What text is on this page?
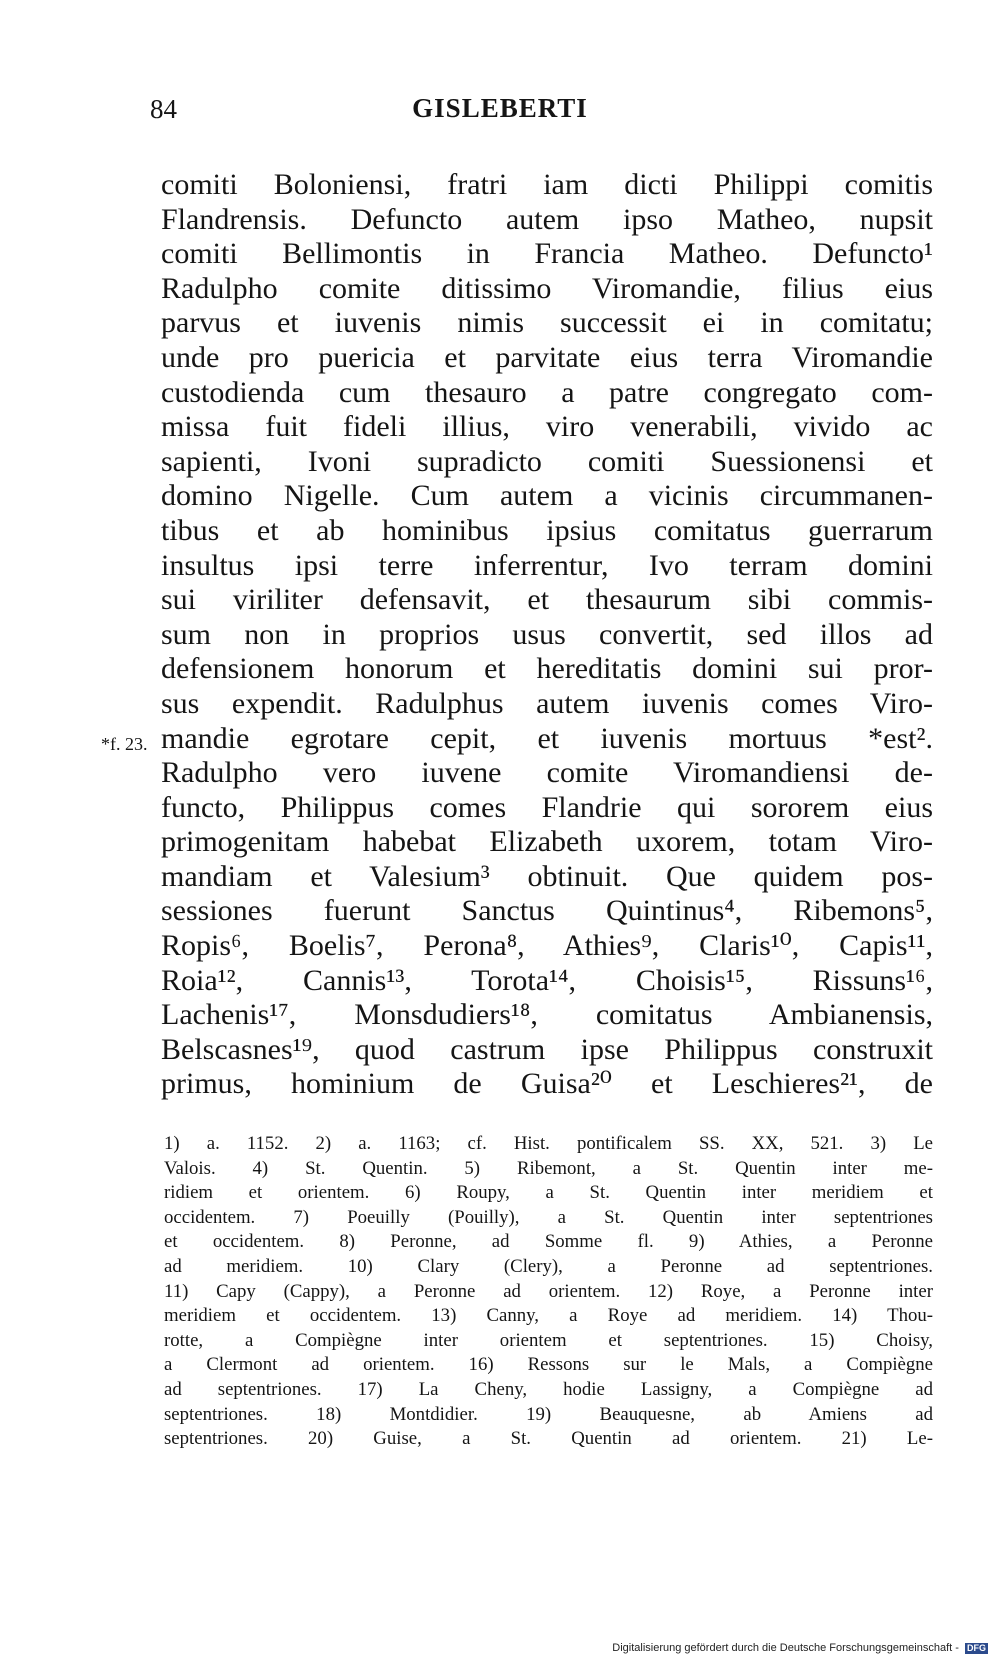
84	GISLEBERTI
*f. 23.
comiti Boloniensi, fratri iam dicti Philippi comitis
Flandrensis. Defuncto autem ipso Matheo, nupsit
comiti Bellimontis in Francia Matheo. Defuncto¹
Radulpho comite ditissimo Viromandie, filius eius
parvus et iuvenis nimis successit ei in comitatu;
unde pro puericia et parvitate eius terra Viromandie
custodienda cum thesauro a patre congregato com-
missa fuit fideli illius, viro venerabili, vivido ac
sapienti, Ivoni supradicto comiti Suessionensi et
domino Nigelle. Cum autem a vicinis circummanen-
tibus et ab hominibus ipsius comitatus guerrarum
insultus ipsi terre inferrentur, Ivo terram domini
sui viriliter defensavit, et thesaurum sibi commis-
sum non in proprios usus convertit, sed illos ad
defensionem honorum et hereditatis domini sui pror-
sus expendit. Radulphus autem iuvenis comes Viro-
mandie egrotare cepit, et iuvenis mortuus *est².
Radulpho vero iuvene comite Viromandiensi de-
functo, Philippus comes Flandrie qui sororem eius
primogenitam habebat Elizabeth uxorem, totam Viro-
mandiam et Valesium³ obtinuit. Que quidem pos-
sessiones fuerunt Sanctus Quintinus⁴, Ribemons⁵,
Ropis⁶, Boelis⁷, Perona⁸, Athies⁹, Claris¹⁰, Capis¹¹,
Roia¹², Cannis¹³, Torota¹⁴, Choisis¹⁵, Rissuns¹⁶,
Lachenis¹⁷, Monsdudiers¹⁸, comitatus Ambianensis,
Belscasnes¹⁹, quod castrum ipse Philippus construxit
primus, hominium de Guisa²⁰ et Leschieres²¹, de
1) a. 1152. 2) a. 1163; cf. Hist. pontificalem SS. XX, 521. 3) Le
Valois. 4) St. Quentin. 5) Ribemont, a St. Quentin inter me-
ridiem et orientem. 6) Roupy, a St. Quentin inter meridiem et
occidentem. 7) Poeuilly (Pouilly), a St. Quentin inter septentriones
et occidentem. 8) Peronne, ad Somme fl. 9) Athies, a Peronne
ad meridiem. 10) Clary (Clery), a Peronne ad septentriones.
11) Capy (Cappy), a Peronne ad orientem. 12) Roye, a Peronne inter
meridiem et occidentem. 13) Canny, a Roye ad meridiem. 14) Thou-
rotte, a Compiègne inter orientem et septentriones. 15) Choisy,
a Clermont ad orientem. 16) Ressons sur le Mals, a Compiègne
ad septentriones. 17) La Cheny, hodie Lassigny, a Compiègne ad
septentriones. 18) Montdidier. 19) Beauquesne, ab Amiens ad
septentriones. 20) Guise, a St. Quentin ad orientem. 21) Le-
Digitalisierung gefördert durch die Deutsche Forschungsgemeinschaft - DFG
